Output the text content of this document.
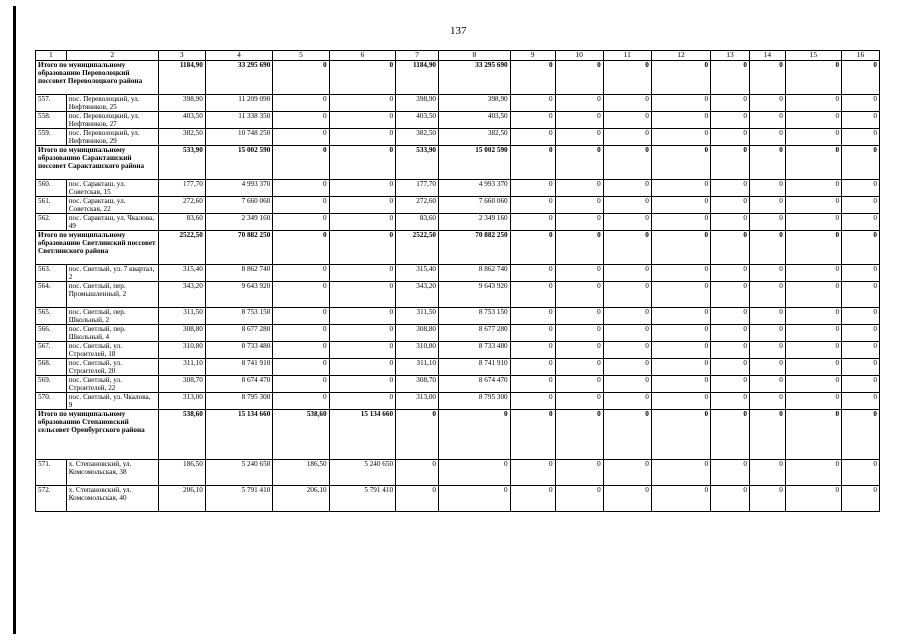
137
1	2	3	4	5	6	7	8	9	10	11	12	13	14	15	16
Итого по муниципальному образованию Переволоцкий поссовет Переволоцкого района		1184,90	33 295 690	0	0	1184,90	33 295 690	0	0	0	0	0	0	0	0
557.	пос. Переволоцкий, ул. Нефтяников, 25	398,90	11 209 090	0	0	398,90	398,90	0	0	0	0	0	0	0	0
558.	пос. Переволоцкий, ул. Нефтяников, 27	403,50	11 338 350	0	0	403,50	403,50	0	0	0	0	0	0	0	0
559.	пос. Переволоцкий, ул. Нефтяников, 29	382,50	10 748 250	0	0	382,50	382,50	0	0	0	0	0	0	0	0
Итого по муниципальному образованию Саракташский поссовет Саракташского района		533,90	15 002 590	0	0	533,90	15 002 590	0	0	0	0	0	0	0	0
560.	пос. Саракташ, ул. Советская, 15	177,70	4 993 370	0	0	177,70	4 993 370	0	0	0	0	0	0	0	0
561.	пос. Саракташ, ул. Советская, 22	272,60	7 660 060	0	0	272,60	7 660 060	0	0	0	0	0	0	0	0
562.	пос. Саракташ, ул. Чкалова, 49	83,60	2 349 160	0	0	83,60	2 349 160	0	0	0	0	0	0	0	0
Итого по муниципальному образованию Светлинский поссовет Светлинского района		2522,50	70 882 250	0	0	2522,50	70 882 250	0	0	0	0	0	0	0	0
563.	пос. Светлый, ул. 7 квартал, 2	315,40	8 862 740	0	0	315,40	8 862 740	0	0	0	0	0	0	0	0
564.	пос. Светлый, пер. Промышленный, 2	343,20	9 643 920	0	0	343,20	9 643 920	0	0	0	0	0	0	0	0
565.	пос. Светлый, пер. Школьный, 2	311,50	8 753 150	0	0	311,50	8 753 150	0	0	0	0	0	0	0	0
566.	пос. Светлый, пер. Школьный, 4	308,80	8 677 280	0	0	308,80	8 677 280	0	0	0	0	0	0	0	0
567.	пос. Светлый, ул. Строителей, 18	310,80	8 733 480	0	0	310,80	8 733 480	0	0	0	0	0	0	0	0
568.	пос. Светлый, ул. Строителей, 20	311,10	8 741 910	0	0	311,10	8 741 910	0	0	0	0	0	0	0	0
569.	пос. Светлый, ул. Строителей, 22	308,70	8 674 470	0	0	308,70	8 674 470	0	0	0	0	0	0	0	0
570.	пос. Светлый, ул. Чкалова, 9	313,00	8 795 300	0	0	313,00	8 795 300	0	0	0	0	0	0	0	0
Итого по муниципальному образованию Степановский сельсовет Оренбургского района		538,60	15 134 660	538,60	15 134 660	0	0	0	0	0	0	0	0	0	0
571.	х. Степановский, ул. Комсомольская, 38	186,50	5 240 650	186,50	5 240 650	0	0	0	0	0	0	0	0	0	0
572.	х. Степановский, ул. Комсомольская, 40	206,10	5 791 410	206,10	5 791 410	0	0	0	0	0	0	0	0	0	0
